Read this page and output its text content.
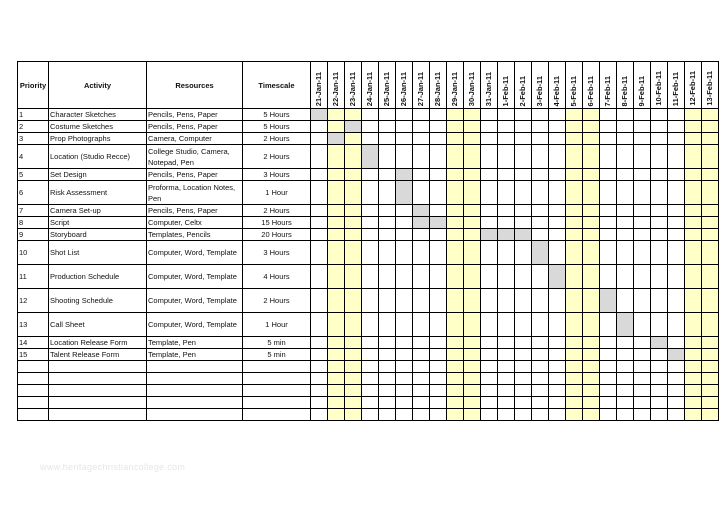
Priority	Activity	Resources	Timescale	21-Jan-11	22-Jan-11	23-Jan-11	24-Jan-11	25-Jan-11	26-Jan-11	27-Jan-11	28-Jan-11	29-Jan-11	30-Jan-11	31-Jan-11	1-Feb-11	2-Feb-11	3-Feb-11	4-Feb-11	5-Feb-11	6-Feb-11	7-Feb-11	8-Feb-11	9-Feb-11	10-Feb-11	11-Feb-11	12-Feb-11	13-Feb-11
1	Character Sketches	Pencils, Pens, Paper	5 Hours																								
2	Costume Sketches	Pencils, Pens, Paper	5 Hours																								
3	Prop Photographs	Camera, Computer	2 Hours																								
4	Location (Studio Recce)	College Studio, Camera, Notepad, Pen	2 Hours																								
5	Set Design	Pencils, Pens, Paper	3 Hours																								
6	Risk Assessment	Proforma, Location Notes, Pen	1 Hour																								
7	Camera Set-up	Pencils, Pens, Paper	2 Hours																								
8	Script	Computer, Celtx	15 Hours																								
9	Storyboard	Templates, Pencils	20 Hours																								
10	Shot List	Computer, Word, Template	3 Hours																								
11	Production Schedule	Computer, Word, Template	4 Hours																								
12	Shooting Schedule	Computer, Word, Template	2 Hours																								
13	Call Sheet	Computer, Word, Template	1 Hour																								
14	Location Release Form	Template, Pen	5 min																								
15	Talent Release Form	Template, Pen	5 min																								

www.heritagechristiancollege.com
